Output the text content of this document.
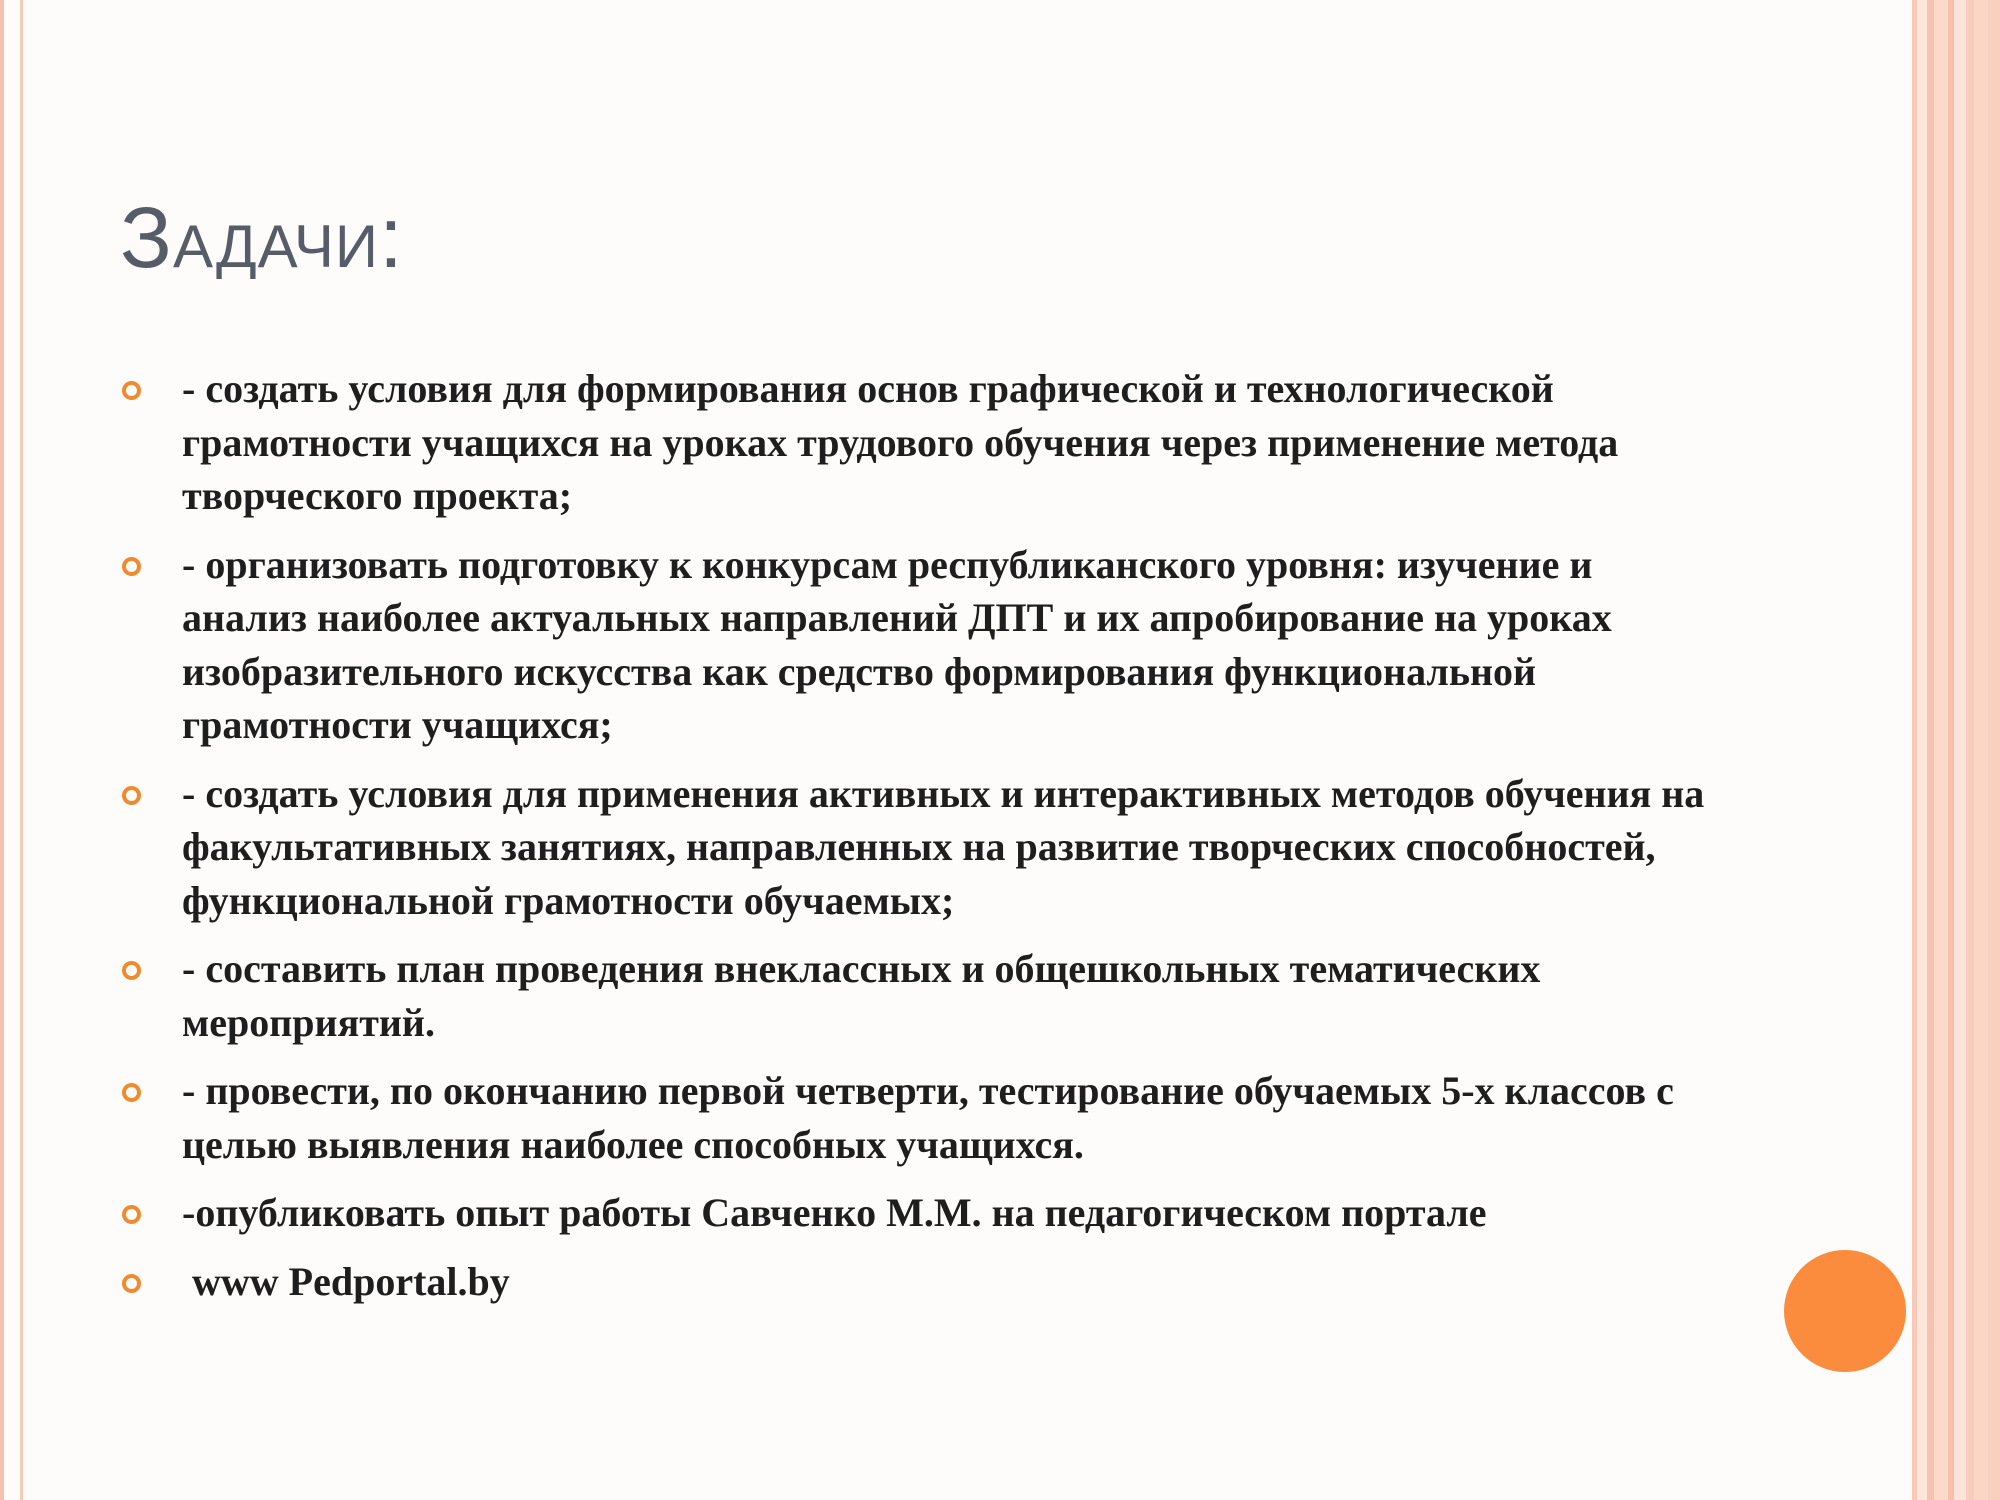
Задачи:
- создать условия для формирования основ графической и технологической грамотности учащихся на уроках трудового обучения через применение метода творческого проекта;
- организовать подготовку к конкурсам республиканского уровня: изучение и анализ наиболее актуальных направлений ДПТ и их апробирование на уроках изобразительного искусства как средство формирования функциональной грамотности учащихся;
- создать условия для применения активных и интерактивных методов обучения на факультативных занятиях, направленных на развитие творческих способностей, функциональной грамотности обучаемых;
- составить план проведения внеклассных и общешкольных тематических мероприятий.
- провести, по окончанию первой четверти, тестирование обучаемых 5-х классов с целью выявления наиболее способных учащихся.
-опубликовать опыт работы Савченко М.М. на педагогическом портале
www Pedportal.by
